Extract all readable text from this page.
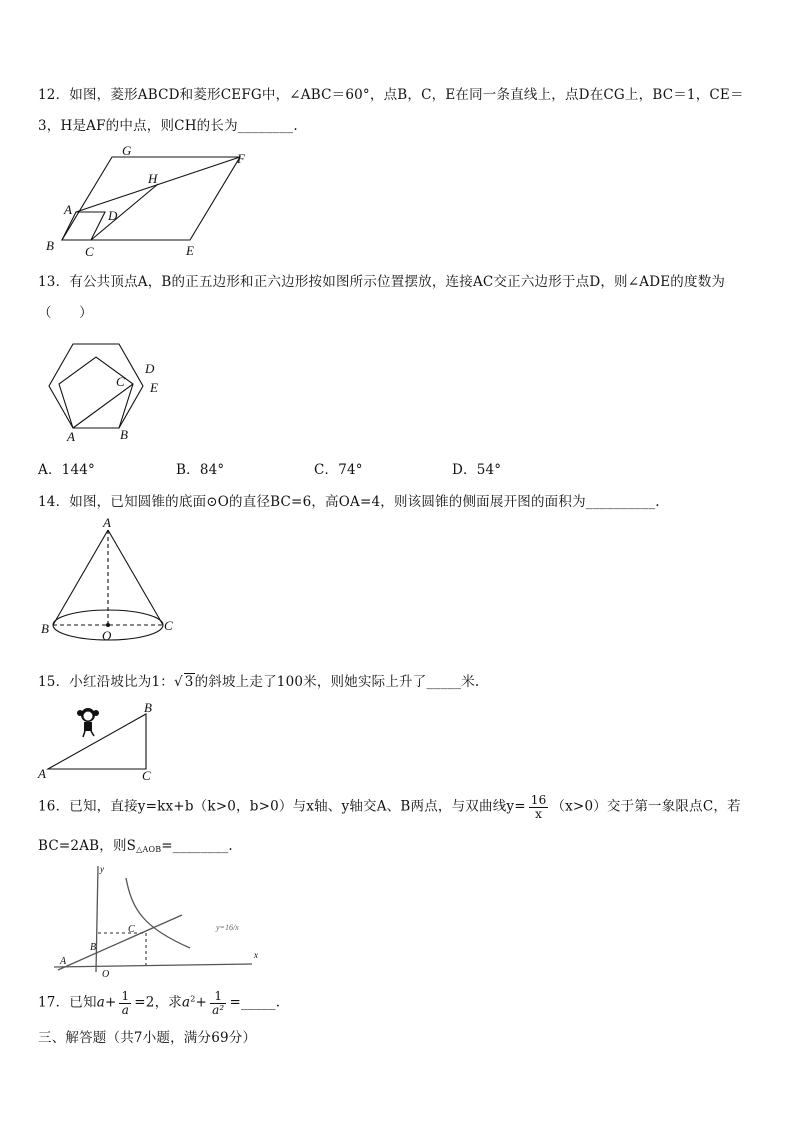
12．如图，菱形ABCD和菱形CEFG中，∠ABC＝60°，点B，C，E在同一条直线上，点D在CG上，BC＝1，CE＝
3，H是AF的中点，则CH的长为________.
G
F
H
A	D
B C	E
13．有公共顶点A，B的正五边形和正六边形按如图所示位置摆放，连接AC交正六边形于点D，则∠ADE的度数为
（　　）
A	B
C
D
E
A．144°	B．84°	C．74°	D．54°
14．如图，已知圆锥的底面⊙O的直径BC=6，高OA=4，则该圆锥的侧面展开图的面积为__________.
A
B	C
O
15．小红沿坡比为1：√ 3的斜坡上走了100米，则她实际上升了_____米.
A
B
C
16．已知，直接y=kx+b（k>0，b>0）与x轴、y轴交A、B两点，与双曲线$y= \frac{16}{x} (x>0)$交于第一象限点C，若
BC=2AB，则$S_{\triangle AOB}=\_\_\_\_\_\_\_\_$.
y
x
A
B
C
O
y=16/x
17．已知$a+ \frac{1}{a} =2$，求$a^2+ \frac{1}{\text{a²}}$ =_____.
三、解答题（共7小题，满分69分）
